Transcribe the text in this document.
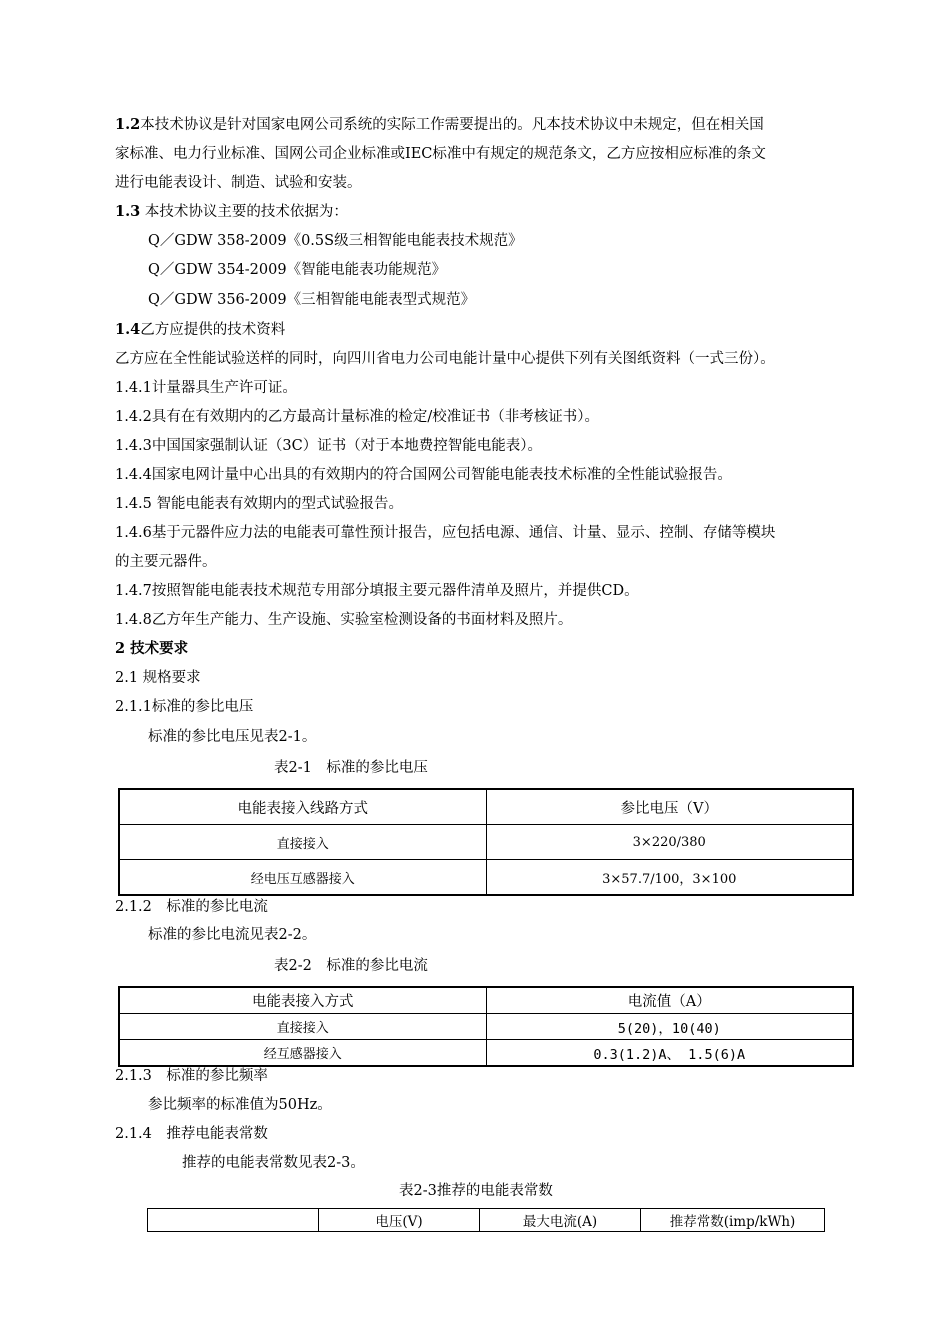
1.2本技术协议是针对国家电网公司系统的实际工作需要提出的。凡本技术协议中未规定，但在相关国
家标准、电力行业标准、国网公司企业标准或IEC标准中有规定的规范条文，乙方应按相应标准的条文
进行电能表设计、制造、试验和安装。
1.3 本技术协议主要的技术依据为：
Q／GDW 358-2009《0.5S级三相智能电能表技术规范》
Q／GDW 354-2009《智能电能表功能规范》
Q／GDW 356-2009《三相智能电能表型式规范》
1.4乙方应提供的技术资料
乙方应在全性能试验送样的同时，向四川省电力公司电能计量中心提供下列有关图纸资料（一式三份）。
1.4.1计量器具生产许可证。
1.4.2具有在有效期内的乙方最高计量标准的检定/校准证书（非考核证书）。
1.4.3中国国家强制认证（3C）证书（对于本地费控智能电能表）。
1.4.4国家电网计量中心出具的有效期内的符合国网公司智能电能表技术标准的全性能试验报告。
1.4.5 智能电能表有效期内的型式试验报告。
1.4.6基于元器件应力法的电能表可靠性预计报告，应包括电源、通信、计量、显示、控制、存储等模块
的主要元器件。
1.4.7按照智能电能表技术规范专用部分填报主要元器件清单及照片，并提供CD。
1.4.8乙方年生产能力、生产设施、实验室检测设备的书面材料及照片。
2 技术要求
2.1 规格要求
2.1.1标准的参比电压
标准的参比电压见表2-1。
表2-1　标准的参比电压
电能表接入线路方式	参比电压（V）
直接接入	3×220/380
经电压互感器接入	3×57.7/100，3×100
2.1.2　标准的参比电流
标准的参比电流见表2-2。
表2-2　标准的参比电流
电能表接入方式	电流值（A）
直接接入	5(20)，10(40)
经互感器接入	0.3(1.2)A、 1.5(6)A
2.1.3　标准的参比频率
参比频率的标准值为50Hz。
2.1.4　推荐电能表常数
推荐的电能表常数见表2-3。
表2-3推荐的电能表常数
	电压(V)	最大电流(A)	推荐常数(imp/kWh)
